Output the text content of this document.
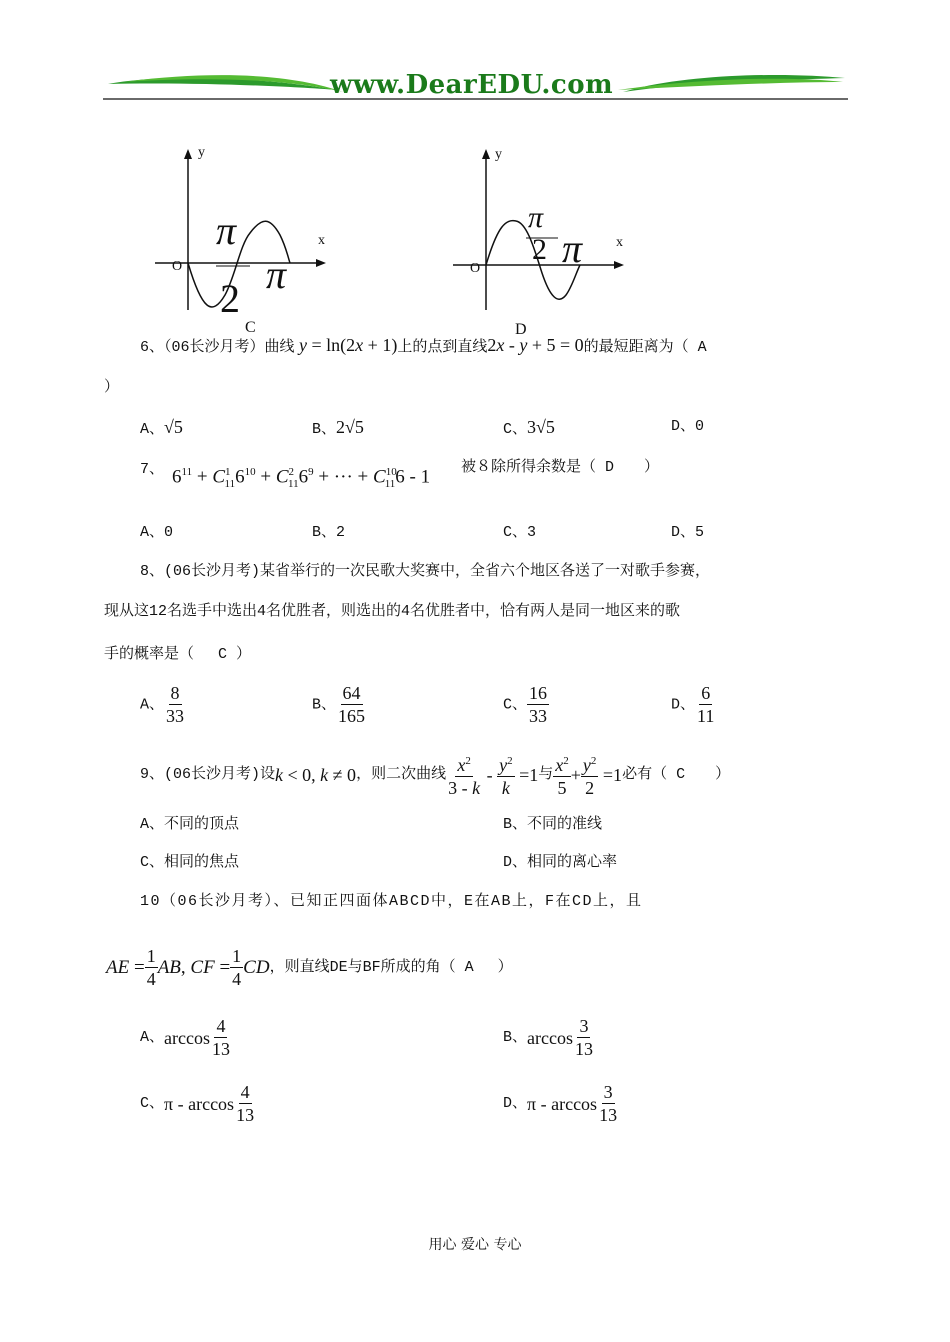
www.DearEDU.com
y
x
O
π
2
π
C
y
x
O
π
2 π
D
6、（06长沙月考）曲线 y = ln(2x + 1)上的点到直线2x - y + 5 = 0的最短距离为（ A
）
A、√5	B、2√5	C、3√5	D、0
7、 $6^{11} + C^1_{11}6^{10} + C^2_{11}6^9$ + ··· + $C^{10}_{11}6 - 1$ 被８除所得余数是（ D　　）
A、0	B、2	C、3	D、5
8、(06长沙月考)某省举行的一次民歌大奖赛中，全省六个地区各送了一对歌手参赛，
现从这12名选手中选出4名优胜者，则选出的4名优胜者中，恰有两人是同一地区来的歌
手的概率是（　 C ）
A、 $\frac{8}{33}$	B、 $\frac{64}{165}$	C、 $\frac{16}{33}$	D、 $\frac{6}{11}$
9、(06长沙月考)设 k < 0, k ≠ 0 ，则二次曲线 $\frac{x^2}{3 - k} - \frac{y^2}{k} =1$ 与 $\frac{x^2}{5} + \frac{y^2}{2} =1$ 必有（ C　　）
A、不同的顶点	B、不同的准线
C、相同的焦点	D、相同的离心率
10（06长沙月考）、已知正四面体ABCD中，E在AB上，F在CD上，且
AE = $\frac{1}{4}$ AB, CF = $\frac{1}{4}$ CD ，则直线DE与BF所成的角（ A　 ）
A、 $\arccos \frac{4}{13}$	B、 $\arccos \frac{3}{13}$
C、 π - $\arccos \frac{4}{13}$	D、 π - $\arccos \frac{3}{13}$
用心 爱心 专心
